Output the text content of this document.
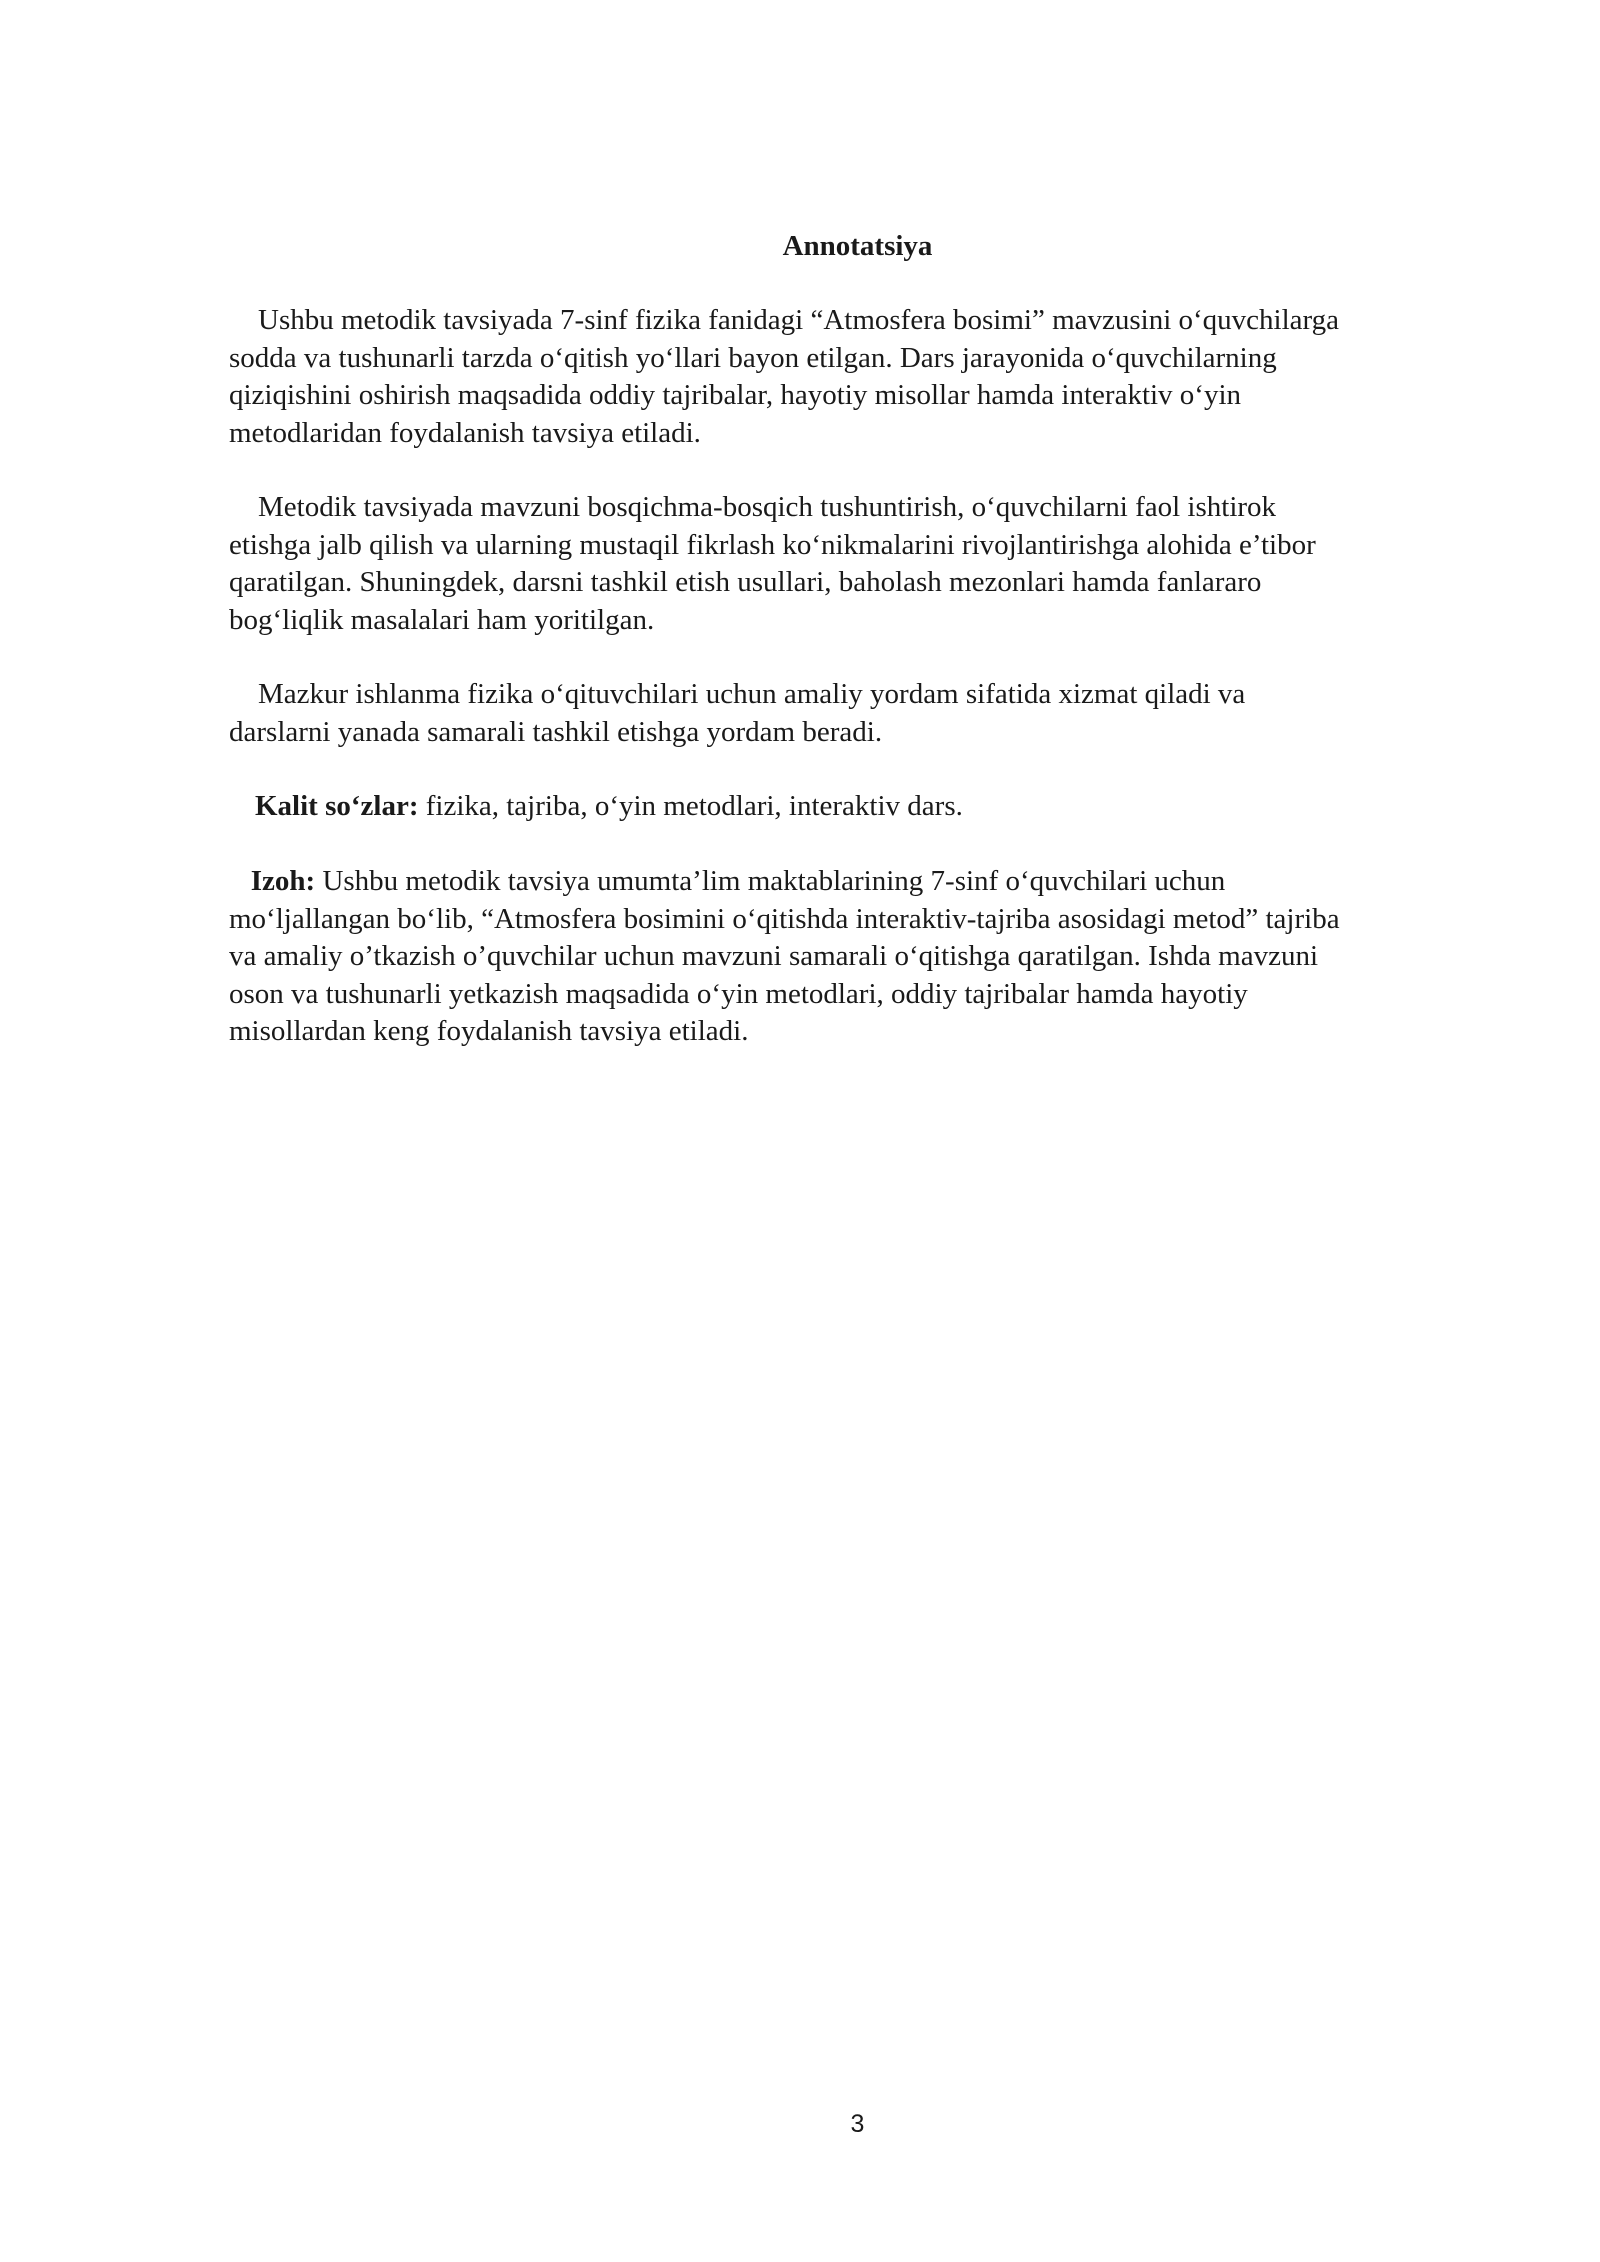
Annotatsiya

Ushbu metodik tavsiyada 7-sinf fizika fanidagi “Atmosfera bosimi” mavzusini o‘quvchilarga
sodda va tushunarli tarzda o‘qitish yo‘llari bayon etilgan. Dars jarayonida o‘quvchilarning
qiziqishini oshirish maqsadida oddiy tajribalar, hayotiy misollar hamda interaktiv o‘yin
metodlaridan foydalanish tavsiya etiladi.

Metodik tavsiyada mavzuni bosqichma-bosqich tushuntirish, o‘quvchilarni faol ishtirok
etishga jalb qilish va ularning mustaqil fikrlash ko‘nikmalarini rivojlantirishga alohida e’tibor
qaratilgan. Shuningdek, darsni tashkil etish usullari, baholash mezonlari hamda fanlararo
bog‘liqlik masalalari ham yoritilgan.

Mazkur ishlanma fizika o‘qituvchilari uchun amaliy yordam sifatida xizmat qiladi va
darslarni yanada samarali tashkil etishga yordam beradi.

Kalit so‘zlar: fizika, tajriba, o‘yin metodlari, interaktiv dars.

Izoh: Ushbu metodik tavsiya umumta’lim maktablarining 7-sinf o‘quvchilari uchun
mo‘ljallangan bo‘lib, “Atmosfera bosimini o‘qitishda interaktiv-tajriba asosidagi metod” tajriba
va amaliy o’tkazish o’quvchilar uchun mavzuni samarali o‘qitishga qaratilgan. Ishda mavzuni
oson va tushunarli yetkazish maqsadida o‘yin metodlari, oddiy tajribalar hamda hayotiy
misollardan keng foydalanish tavsiya etiladi.

3
